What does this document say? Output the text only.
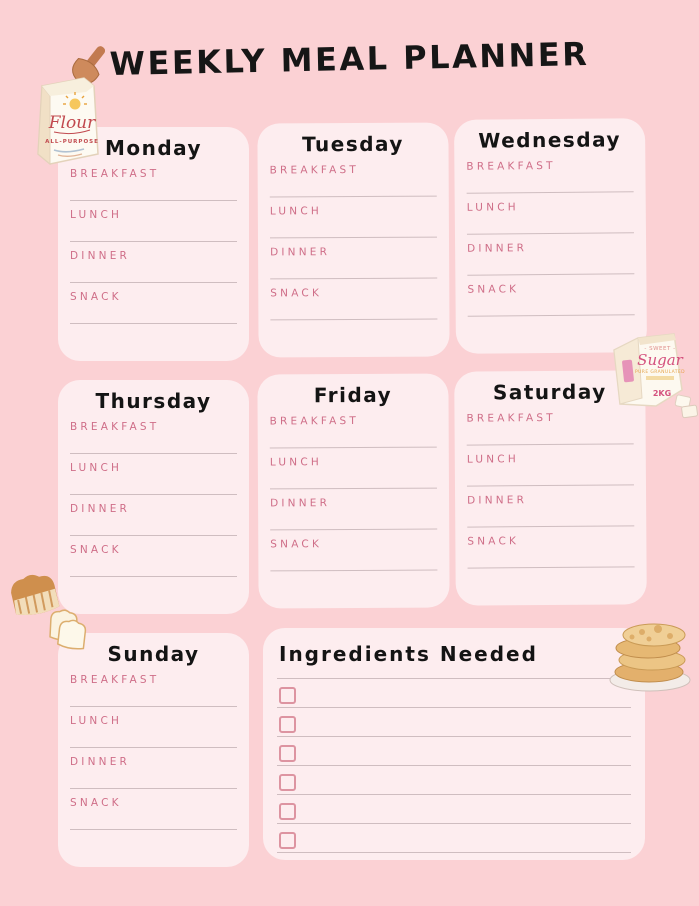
WEEKLY MEAL PLANNER
Monday
BREAKFAST
LUNCH
DINNER
SNACK
Tuesday
BREAKFAST
LUNCH
DINNER
SNACK
Wednesday
BREAKFAST
LUNCH
DINNER
SNACK
Thursday
BREAKFAST
LUNCH
DINNER
SNACK
Friday
BREAKFAST
LUNCH
DINNER
SNACK
Saturday
BREAKFAST
LUNCH
DINNER
SNACK
Sunday
BREAKFAST
LUNCH
DINNER
SNACK
Ingredients Needed
Flour
ALL-PURPOSE
- SWEET -
Sugar
PURE GRANULATED
2KG
